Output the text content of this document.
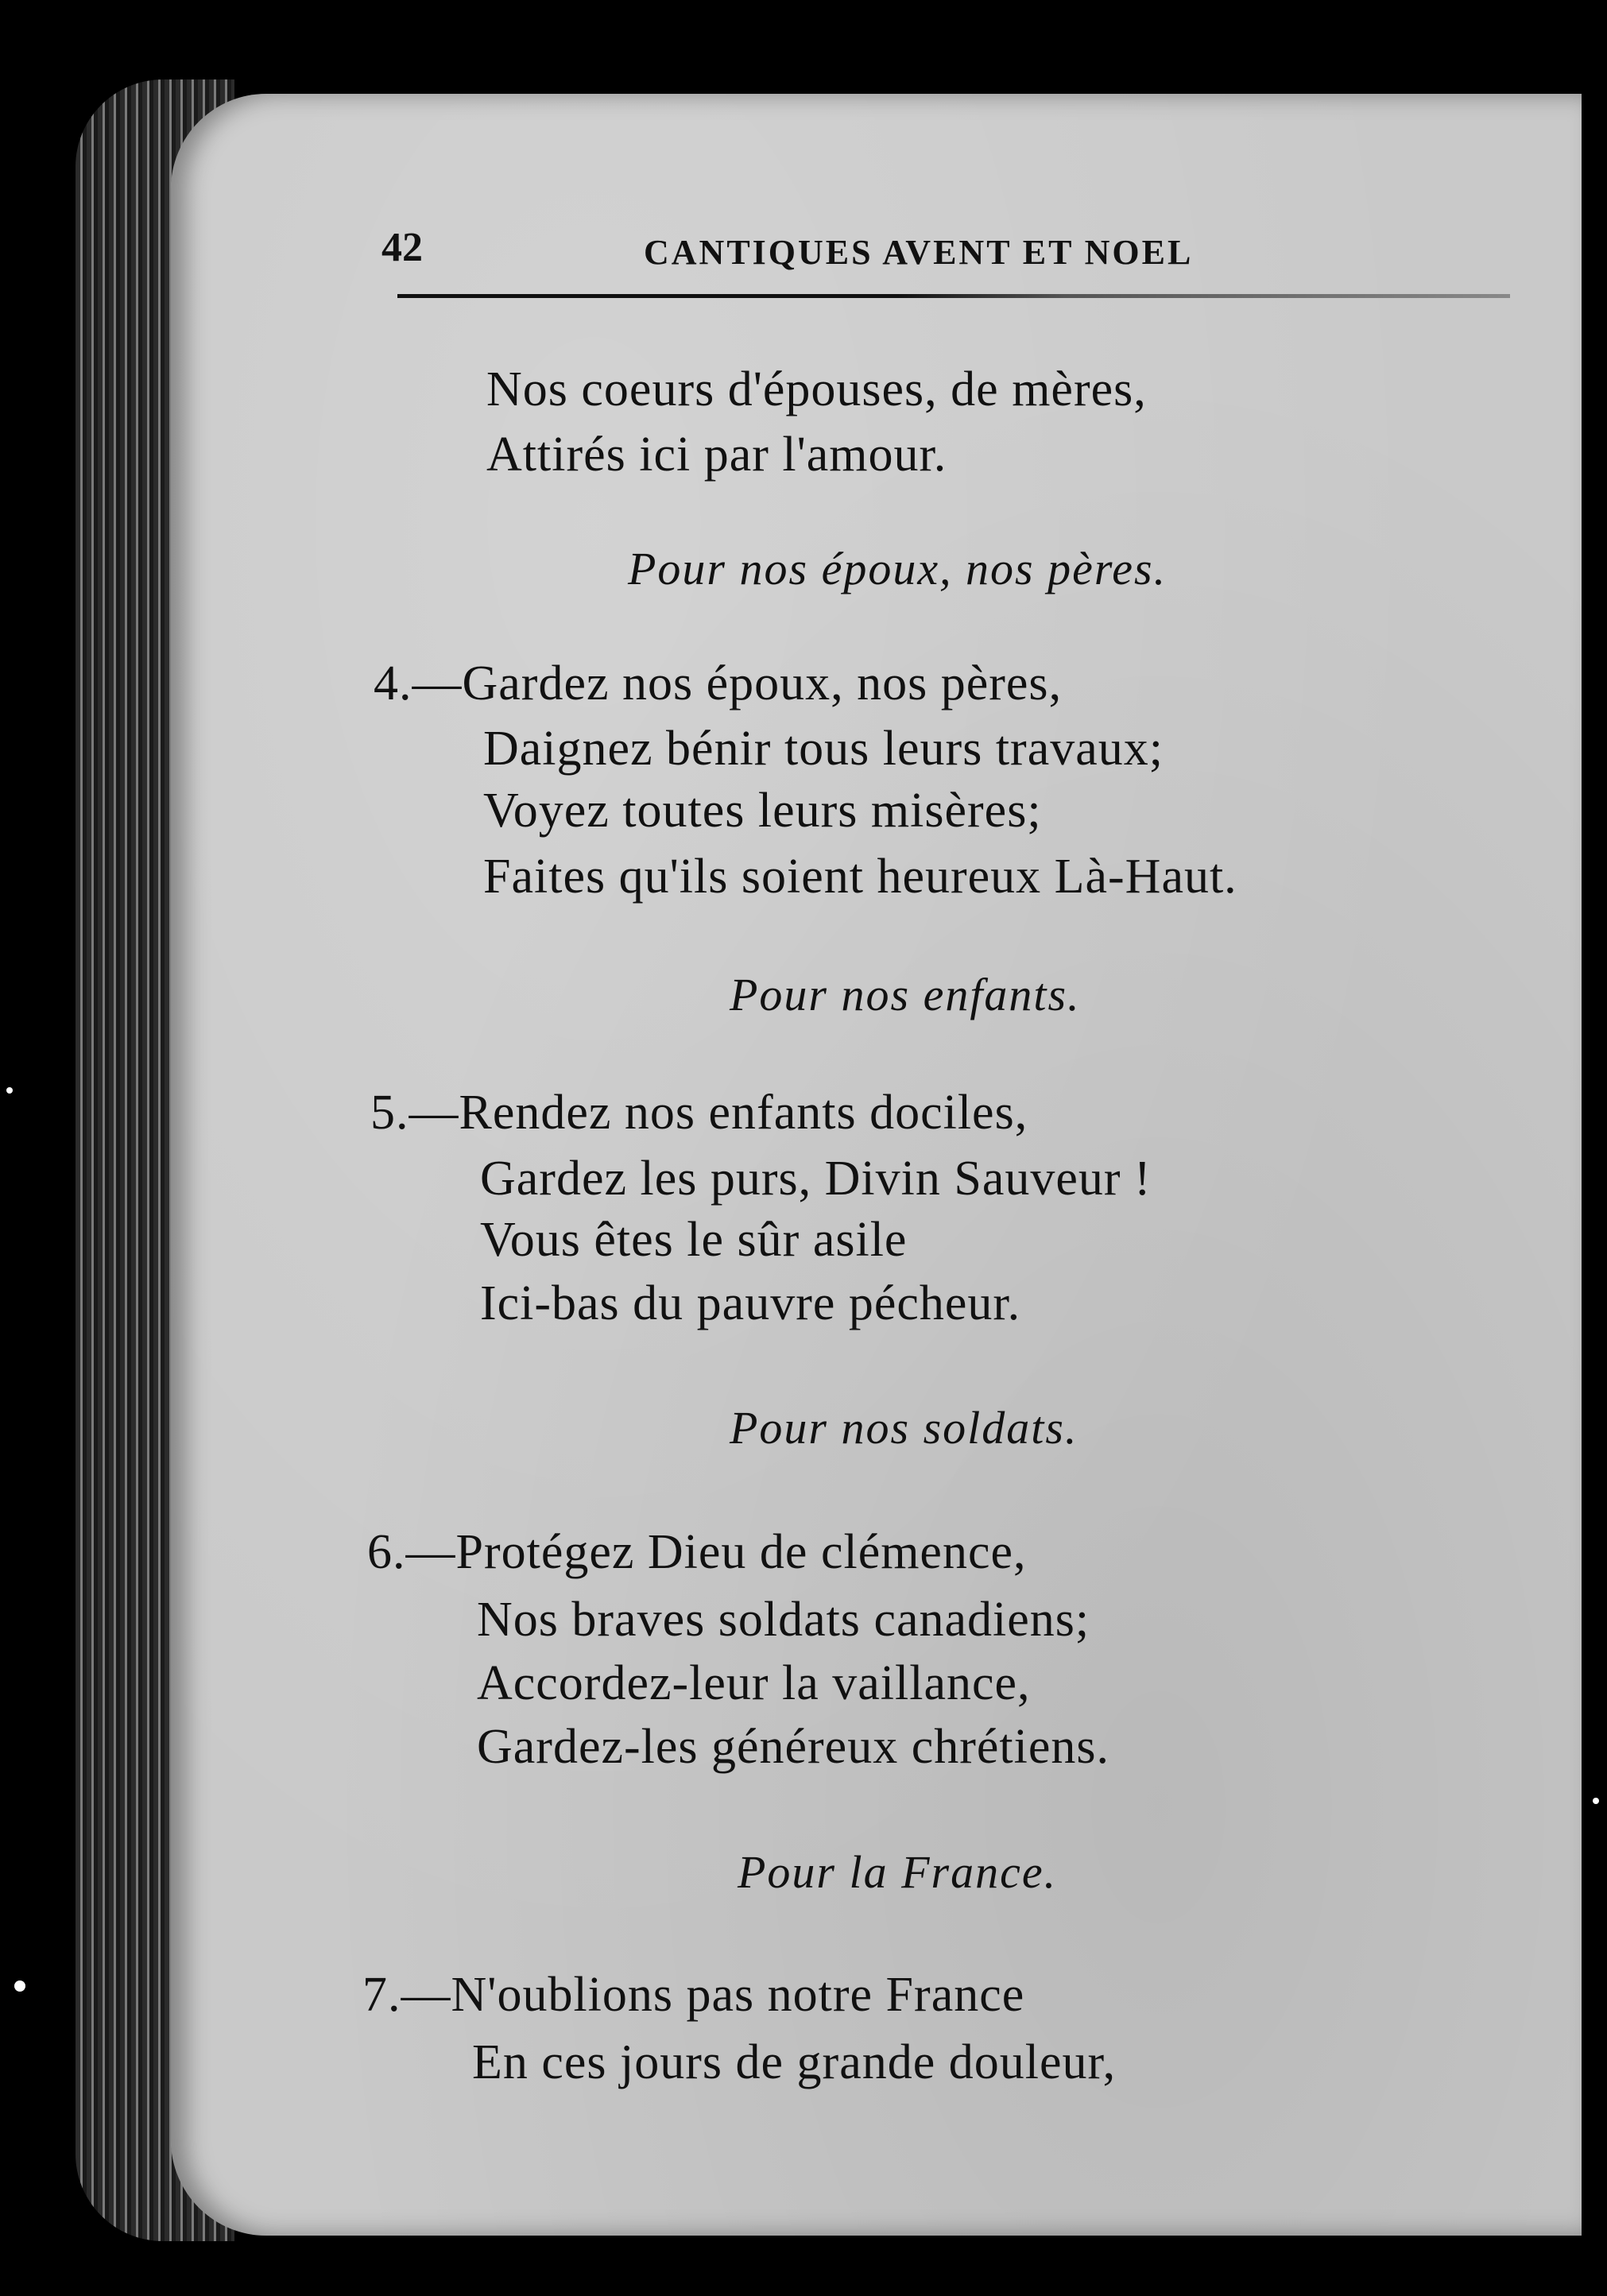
42	CANTIQUES AVENT ET NOEL
Nos coeurs d'épouses, de mères,
Attirés ici par l'amour.
Pour nos époux, nos pères.
4.—Gardez nos époux, nos pères,
Daignez bénir tous leurs travaux;
Voyez toutes leurs misères;
Faites qu'ils soient heureux Là-Haut.
Pour nos enfants.
5.—Rendez nos enfants dociles,
Gardez les purs, Divin Sauveur !
Vous êtes le sûr asile
Ici-bas du pauvre pécheur.
Pour nos soldats.
6.—Protégez Dieu de clémence,
Nos braves soldats canadiens;
Accordez-leur la vaillance,
Gardez-les généreux chrétiens.
Pour la France.
7.—N'oublions pas notre France
En ces jours de grande douleur,
